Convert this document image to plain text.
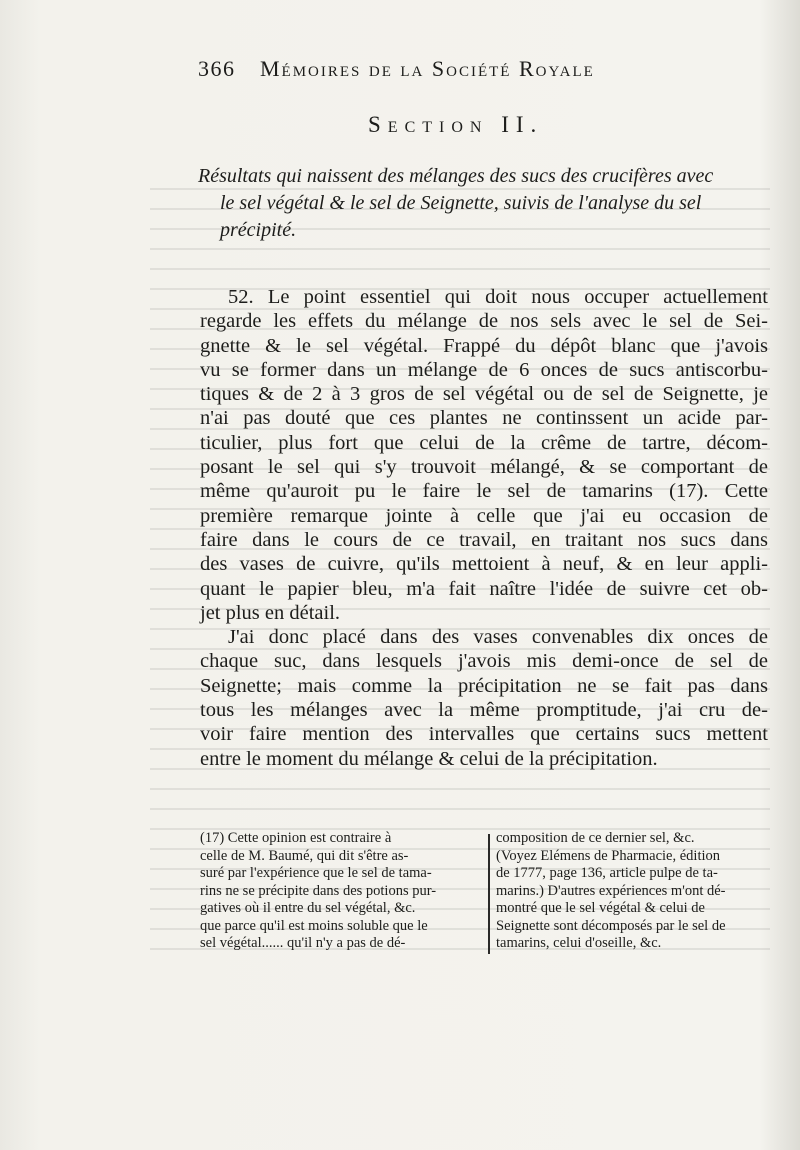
366 Mémoires de la Société Royale
Section II.
Résultats qui naissent des mélanges des sucs des crucifères avec
le sel végétal & le sel de Seignette, suivis de l'analyse du sel
précipité.
52. Le point essentiel qui doit nous occuper actuellement
regarde les effets du mélange de nos sels avec le sel de Sei-
gnette & le sel végétal. Frappé du dépôt blanc que j'avois
vu se former dans un mélange de 6 onces de sucs antiscorbu-
tiques & de 2 à 3 gros de sel végétal ou de sel de Seignette, je
n'ai pas douté que ces plantes ne continssent un acide par-
ticulier, plus fort que celui de la crême de tartre, décom-
posant le sel qui s'y trouvoit mélangé, & se comportant de
même qu'auroit pu le faire le sel de tamarins (17). Cette
première remarque jointe à celle que j'ai eu occasion de
faire dans le cours de ce travail, en traitant nos sucs dans
des vases de cuivre, qu'ils mettoient à neuf, & en leur appli-
quant le papier bleu, m'a fait naître l'idée de suivre cet ob-
jet plus en détail.
J'ai donc placé dans des vases convenables dix onces de
chaque suc, dans lesquels j'avois mis demi-once de sel de
Seignette; mais comme la précipitation ne se fait pas dans
tous les mélanges avec la même promptitude, j'ai cru de-
voir faire mention des intervalles que certains sucs mettent
entre le moment du mélange & celui de la précipitation.
(17) Cette opinion est contraire à
celle de M. Baumé, qui dit s'être as-
suré par l'expérience que le sel de tama-
rins ne se précipite dans des potions pur-
gatives où il entre du sel végétal, &c.
que parce qu'il est moins soluble que le
sel végétal...... qu'il n'y a pas de dé-
composition de ce dernier sel, &c.
(Voyez Elémens de Pharmacie, édition
de 1777, page 136, article pulpe de ta-
marins.) D'autres expériences m'ont dé-
montré que le sel végétal & celui de
Seignette sont décomposés par le sel de
tamarins, celui d'oseille, &c.
